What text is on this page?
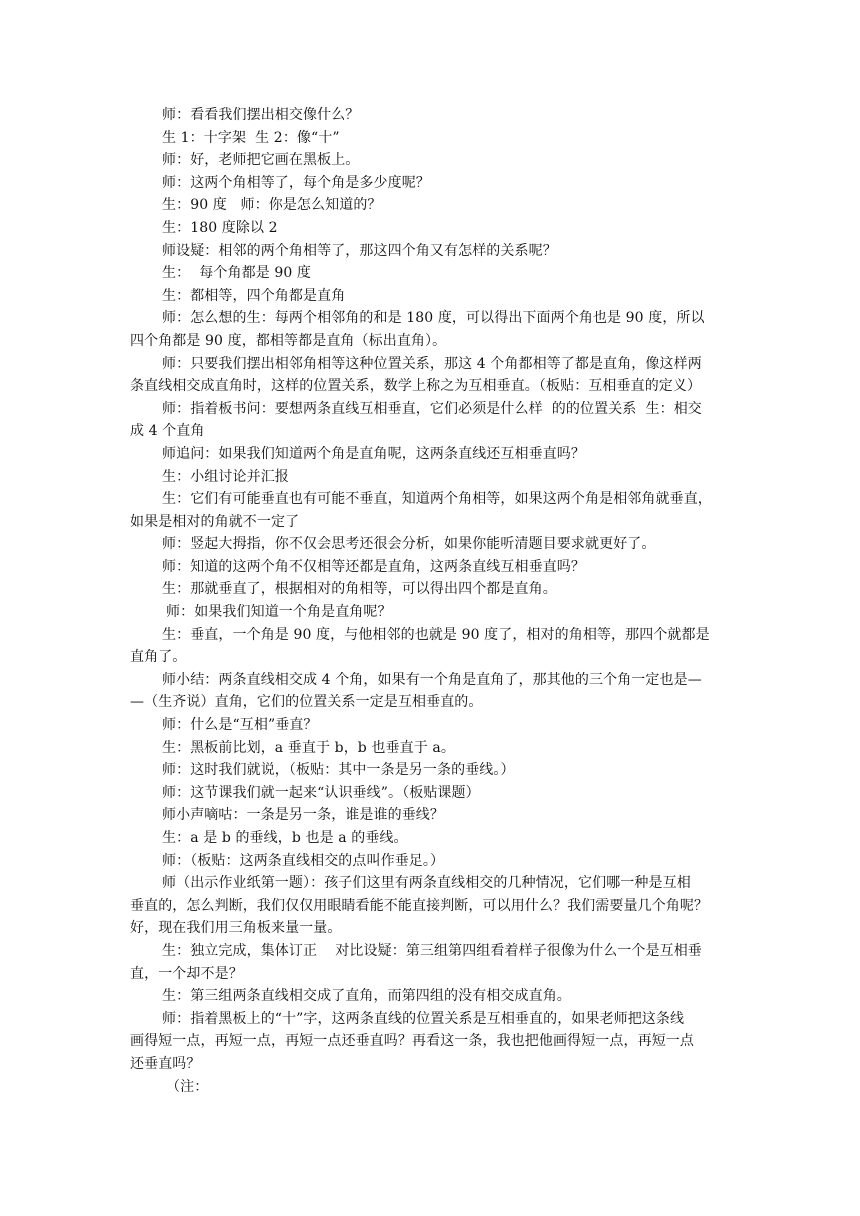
师：看看我们摆出相交像什么？
生 1：十字架  生 2：像“十”
师：好，老师把它画在黑板上。
师：这两个角相等了，每个角是多少度呢？
生：90 度   师：你是怎么知道的？
生：180 度除以 2
师设疑：相邻的两个角相等了，那这四个角又有怎样的关系呢？
生：  每个角都是 90 度
生：都相等，四个角都是直角
师：怎么想的生：每两个相邻角的和是 180 度，可以得出下面两个角也是 90 度，所以
四个角都是 90 度，都相等都是直角（标出直角）。
师：只要我们摆出相邻角相等这种位置关系，那这 4 个角都相等了都是直角，像这样两
条直线相交成直角时，这样的位置关系，数学上称之为互相垂直。（板贴：互相垂直的定义）
师：指着板书问：要想两条直线互相垂直，它们必须是什么样  的的位置关系  生：相交
成 4 个直角
师追问：如果我们知道两个角是直角呢，这两条直线还互相垂直吗？
生：小组讨论并汇报
生：它们有可能垂直也有可能不垂直，知道两个角相等，如果这两个角是相邻角就垂直，
如果是相对的角就不一定了
师：竖起大拇指，你不仅会思考还很会分析，如果你能听清题目要求就更好了。
师：知道的这两个角不仅相等还都是直角，这两条直线互相垂直吗？
生：那就垂直了，根据相对的角相等，可以得出四个都是直角。
师：如果我们知道一个角是直角呢？
生：垂直，一个角是 90 度，与他相邻的也就是 90 度了，相对的角相等，那四个就都是
直角了。
师小结：两条直线相交成 4 个角，如果有一个角是直角了，那其他的三个角一定也是—
—（生齐说）直角，它们的位置关系一定是互相垂直的。
师：什么是“互相”垂直？
生：黑板前比划，a 垂直于 b，b 也垂直于 a。
师：这时我们就说，（板贴：其中一条是另一条的垂线。）
师：这节课我们就一起来“认识垂线”。（板贴课题）
师小声嘀咕：一条是另一条，谁是谁的垂线？
生：a 是 b 的垂线，b 也是 a 的垂线。
师：（板贴：这两条直线相交的点叫作垂足。）
师（出示作业纸第一题）：孩子们这里有两条直线相交的几种情况，它们哪一种是互相
垂直的，怎么判断，我们仅仅用眼睛看能不能直接判断，可以用什么？我们需要量几个角呢？
好，现在我们用三角板来量一量。
生：独立完成，集体订正    对比设疑：第三组第四组看着样子很像为什么一个是互相垂
直，一个却不是？
生：第三组两条直线相交成了直角，而第四组的没有相交成直角。
师：指着黑板上的“十”字，这两条直线的位置关系是互相垂直的，如果老师把这条线
画得短一点，再短一点，再短一点还垂直吗？再看这一条，我也把他画得短一点，再短一点
还垂直吗？
（注：
